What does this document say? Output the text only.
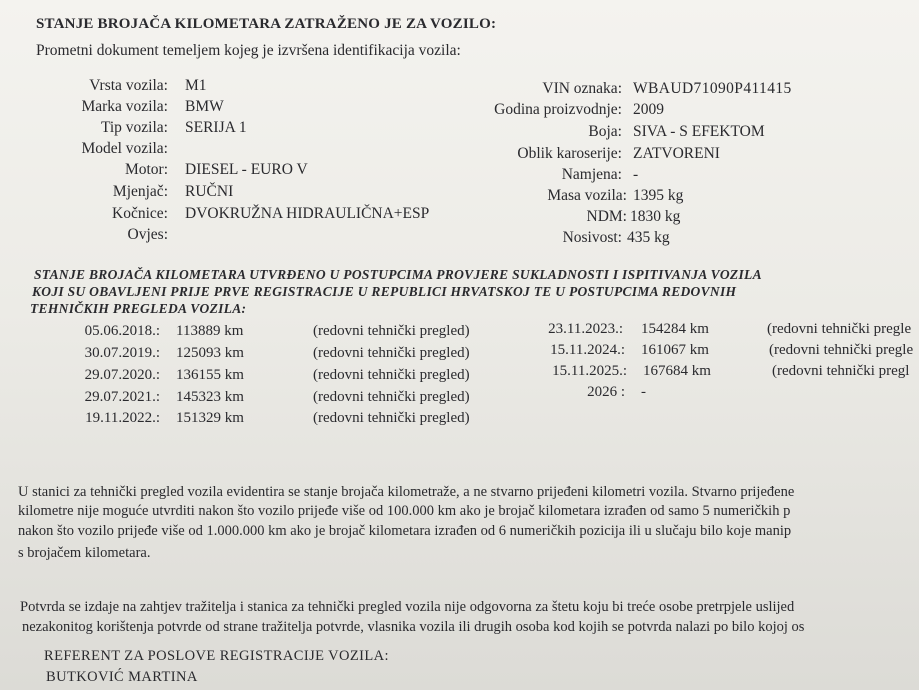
STANJE BROJAČA KILOMETARA ZATRAŽENO JE ZA VOZILO:
Prometni dokument temeljem kojeg je izvršena identifikacija vozila:
Vrsta vozila: M1
Marka vozila: BMW
Tip vozila: SERIJA 1
Model vozila:
Motor: DIESEL - EURO V
Mjenjač: RUČNI
Kočnice: DVOKRUŽNA HIDRAULIČNA+ESP
Ovjes:
VIN oznaka: WBAUD71090P411415
Godina proizvodnje: 2009
Boja: SIVA - S EFEKTOM
Oblik karoserije: ZATVORENI
Namjena: -
Masa vozila: 1395 kg
NDM: 1830 kg
Nosivost: 435 kg
STANJE BROJAČA KILOMETARA UTVRĐENO U POSTUPCIMA PROVJERE SUKLADNOSTI I ISPITIVANJA VOZILA
KOJI SU OBAVLJENI PRIJE PRVE REGISTRACIJE U REPUBLICI HRVATSKOJ TE U POSTUPCIMA REDOVNIH
TEHNIČKIH PREGLEDA VOZILA:
05.06.2018.: 113889 km	(redovni tehnički pregled)
30.07.2019.: 125093 km	(redovni tehnički pregled)
29.07.2020.: 136155 km	(redovni tehnički pregled)
29.07.2021.: 145323 km	(redovni tehnički pregled)
19.11.2022.: 151329 km	(redovni tehnički pregled)
23.11.2023.: 154284 km	(redovni tehnički pregle
15.11.2024.: 161067 km	(redovni tehnički pregle
15.11.2025.: 167684 km	(redovni tehnički pregl
2026 : -
U stanici za tehnički pregled vozila evidentira se stanje brojača kilometraže, a ne stvarno prijeđeni kilometri vozila. Stvarno prijeđene
kilometre nije moguće utvrditi nakon što vozilo prijeđe više od 100.000 km ako je brojač kilometara izrađen od samo 5 numeričkih p
nakon što vozilo prijeđe više od 1.000.000 km ako je brojač kilometara izrađen od 6 numeričkih pozicija ili u slučaju bilo koje manip
s brojačem kilometara.
Potvrda se izdaje na zahtjev tražitelja i stanica za tehnički pregled vozila nije odgovorna za štetu koju bi treće osobe pretrpjele uslijed
nezakonitog korištenja potvrde od strane tražitelja potvrde, vlasnika vozila ili drugih osoba kod kojih se potvrda nalazi po bilo kojoj os
REFERENT ZA POSLOVE REGISTRACIJE VOZILA:
BUTKOVIĆ MARTINA
